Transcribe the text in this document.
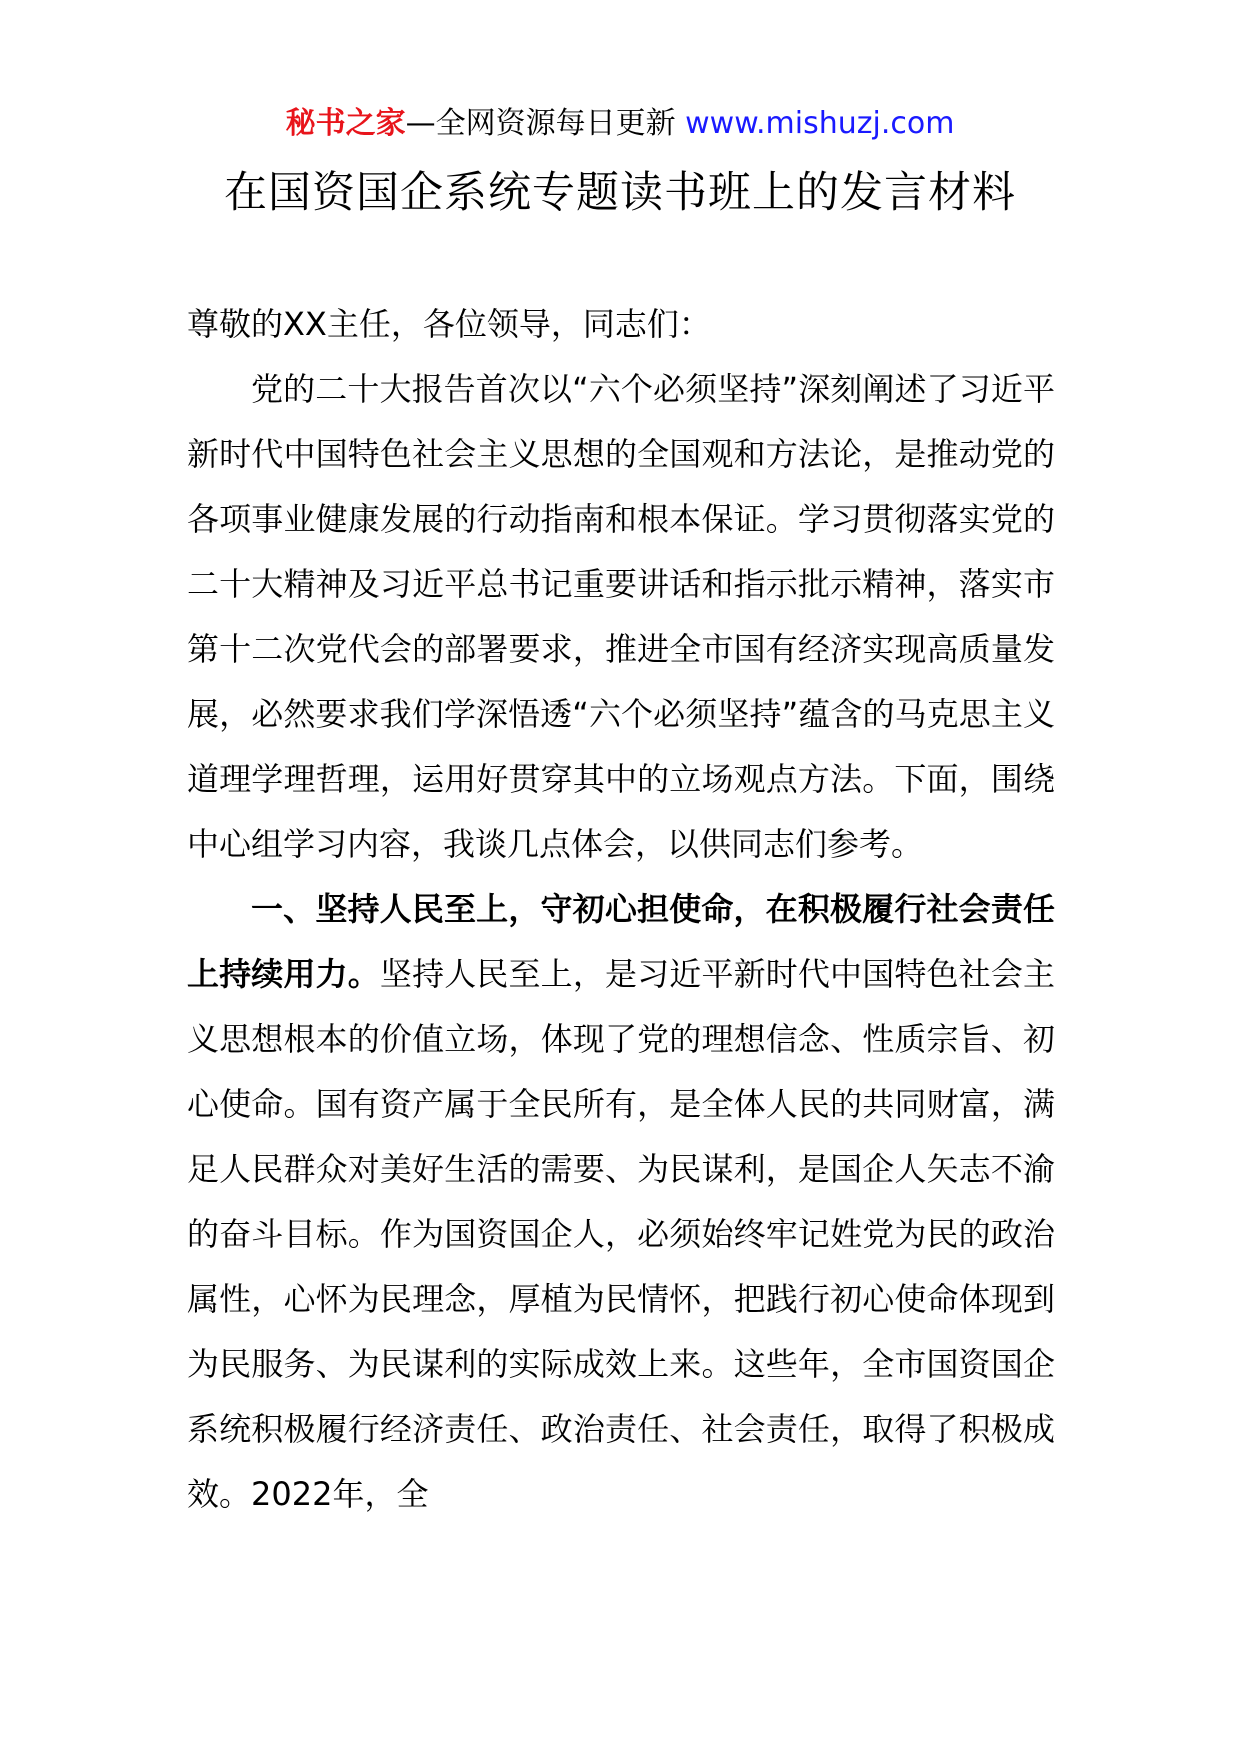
秘书之家—全网资源每日更新 www.mishuzj.com
在国资国企系统专题读书班上的发言材料

尊敬的XX主任，各位领导，同志们：

党的二十大报告首次以“六个必须坚持”深刻阐述了习近平新时代中国特色社会主义思想的全国观和方法论，是推动党的各项事业健康发展的行动指南和根本保证。学习贯彻落实党的二十大精神及习近平总书记重要讲话和指示批示精神，落实市第十二次党代会的部署要求，推进全市国有经济实现高质量发展，必然要求我们学深悟透“六个必须坚持”蕴含的马克思主义道理学理哲理，运用好贯穿其中的立场观点方法。下面，围绕中心组学习内容，我谈几点体会，以供同志们参考。

一、坚持人民至上，守初心担使命，在积极履行社会责任上持续用力。坚持人民至上，是习近平新时代中国特色社会主义思想根本的价值立场，体现了党的理想信念、性质宗旨、初心使命。国有资产属于全民所有，是全体人民的共同财富，满足人民群众对美好生活的需要、为民谋利，是国企人矢志不渝的奋斗目标。作为国资国企人，必须始终牢记姓党为民的政治属性，心怀为民理念，厚植为民情怀，把践行初心使命体现到为民服务、为民谋利的实际成效上来。这些年，全市国资国企系统积极履行经济责任、政治责任、社会责任，取得了积极成效。2022年，全
